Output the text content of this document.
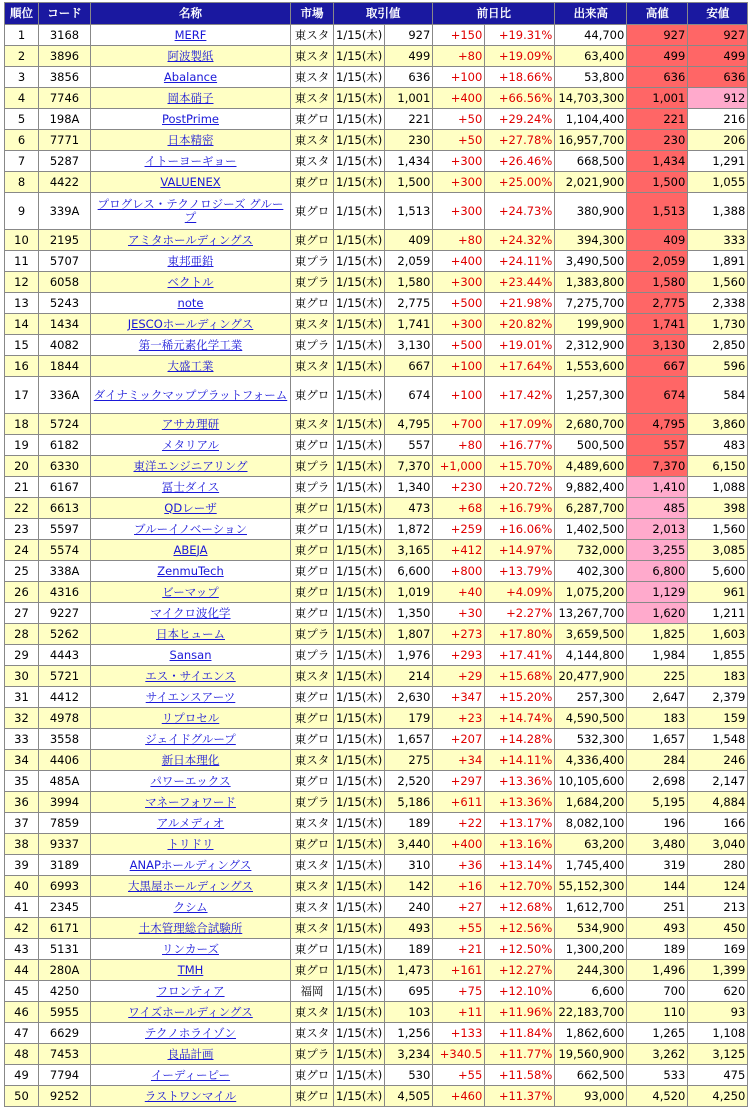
順位	コード	名称	市場	取引値		前日比		出来高	高値	安値
1	3168	MERF	東スタ	1/15(木)	927	+150	+19.31%	44,700	927	927
2	3896	阿波製紙	東スタ	1/15(木)	499	+80	+19.09%	63,400	499	499
3	3856	Abalance	東スタ	1/15(木)	636	+100	+18.66%	53,800	636	636
4	7746	岡本硝子	東スタ	1/15(木)	1,001	+400	+66.56%	14,703,300	1,001	912
5	198A	PostPrime	東グロ	1/15(木)	221	+50	+29.24%	1,104,400	221	216
6	7771	日本精密	東スタ	1/15(木)	230	+50	+27.78%	16,957,700	230	206
7	5287	イトーヨーギョー	東スタ	1/15(木)	1,434	+300	+26.46%	668,500	1,434	1,291
8	4422	VALUENEX	東グロ	1/15(木)	1,500	+300	+25.00%	2,021,900	1,500	1,055
9	339A	プログレス・テクノロジーズ グループ	東グロ	1/15(木)	1,513	+300	+24.73%	380,900	1,513	1,388
10	2195	アミタホールディングス	東グロ	1/15(木)	409	+80	+24.32%	394,300	409	333
11	5707	東邦亜鉛	東プラ	1/15(木)	2,059	+400	+24.11%	3,490,500	2,059	1,891
12	6058	ベクトル	東プラ	1/15(木)	1,580	+300	+23.44%	1,383,800	1,580	1,560
13	5243	note	東グロ	1/15(木)	2,775	+500	+21.98%	7,275,700	2,775	2,338
14	1434	JESCOホールディングス	東スタ	1/15(木)	1,741	+300	+20.82%	199,900	1,741	1,730
15	4082	第一稀元素化学工業	東プラ	1/15(木)	3,130	+500	+19.01%	2,312,900	3,130	2,850
16	1844	大盛工業	東スタ	1/15(木)	667	+100	+17.64%	1,553,600	667	596
17	336A	ダイナミックマッププラットフォーム	東グロ	1/15(木)	674	+100	+17.42%	1,257,300	674	584
18	5724	アサカ理研	東スタ	1/15(木)	4,795	+700	+17.09%	2,680,700	4,795	3,860
19	6182	メタリアル	東グロ	1/15(木)	557	+80	+16.77%	500,500	557	483
20	6330	東洋エンジニアリング	東プラ	1/15(木)	7,370	+1,000	+15.70%	4,489,600	7,370	6,150
21	6167	冨士ダイス	東プラ	1/15(木)	1,340	+230	+20.72%	9,882,400	1,410	1,088
22	6613	QDレーザ	東グロ	1/15(木)	473	+68	+16.79%	6,287,700	485	398
23	5597	ブルーイノベーション	東グロ	1/15(木)	1,872	+259	+16.06%	1,402,500	2,013	1,560
24	5574	ABEJA	東グロ	1/15(木)	3,165	+412	+14.97%	732,000	3,255	3,085
25	338A	ZenmuTech	東グロ	1/15(木)	6,600	+800	+13.79%	402,300	6,800	5,600
26	4316	ビーマップ	東グロ	1/15(木)	1,019	+40	+4.09%	1,075,200	1,129	961
27	9227	マイクロ波化学	東グロ	1/15(木)	1,350	+30	+2.27%	13,267,700	1,620	1,211
28	5262	日本ヒューム	東プラ	1/15(木)	1,807	+273	+17.80%	3,659,500	1,825	1,603
29	4443	Sansan	東プラ	1/15(木)	1,976	+293	+17.41%	4,144,800	1,984	1,855
30	5721	エス・サイエンス	東スタ	1/15(木)	214	+29	+15.68%	20,477,900	225	183
31	4412	サイエンスアーツ	東グロ	1/15(木)	2,630	+347	+15.20%	257,300	2,647	2,379
32	4978	リプロセル	東グロ	1/15(木)	179	+23	+14.74%	4,590,500	183	159
33	3558	ジェイドグループ	東グロ	1/15(木)	1,657	+207	+14.28%	532,300	1,657	1,548
34	4406	新日本理化	東スタ	1/15(木)	275	+34	+14.11%	4,336,400	284	246
35	485A	パワーエックス	東グロ	1/15(木)	2,520	+297	+13.36%	10,105,600	2,698	2,147
36	3994	マネーフォワード	東プラ	1/15(木)	5,186	+611	+13.36%	1,684,200	5,195	4,884
37	7859	アルメディオ	東スタ	1/15(木)	189	+22	+13.17%	8,082,100	196	166
38	9337	トリドリ	東グロ	1/15(木)	3,440	+400	+13.16%	63,200	3,480	3,040
39	3189	ANAPホールディングス	東スタ	1/15(木)	310	+36	+13.14%	1,745,400	319	280
40	6993	大黒屋ホールディングス	東スタ	1/15(木)	142	+16	+12.70%	55,152,300	144	124
41	2345	クシム	東スタ	1/15(木)	240	+27	+12.68%	1,612,700	251	213
42	6171	土木管理総合試験所	東スタ	1/15(木)	493	+55	+12.56%	534,900	493	450
43	5131	リンカーズ	東グロ	1/15(木)	189	+21	+12.50%	1,300,200	189	169
44	280A	TMH	東グロ	1/15(木)	1,473	+161	+12.27%	244,300	1,496	1,399
45	4250	フロンティア	福岡	1/15(木)	695	+75	+12.10%	6,600	700	620
46	5955	ワイズホールディングス	東スタ	1/15(木)	103	+11	+11.96%	22,183,700	110	93
47	6629	テクノホライゾン	東スタ	1/15(木)	1,256	+133	+11.84%	1,862,600	1,265	1,108
48	7453	良品計画	東プラ	1/15(木)	3,234	+340.5	+11.77%	19,560,900	3,262	3,125
49	7794	イーディーピー	東グロ	1/15(木)	530	+55	+11.58%	662,500	533	475
50	9252	ラストワンマイル	東グロ	1/15(木)	4,505	+460	+11.37%	93,000	4,520	4,250
